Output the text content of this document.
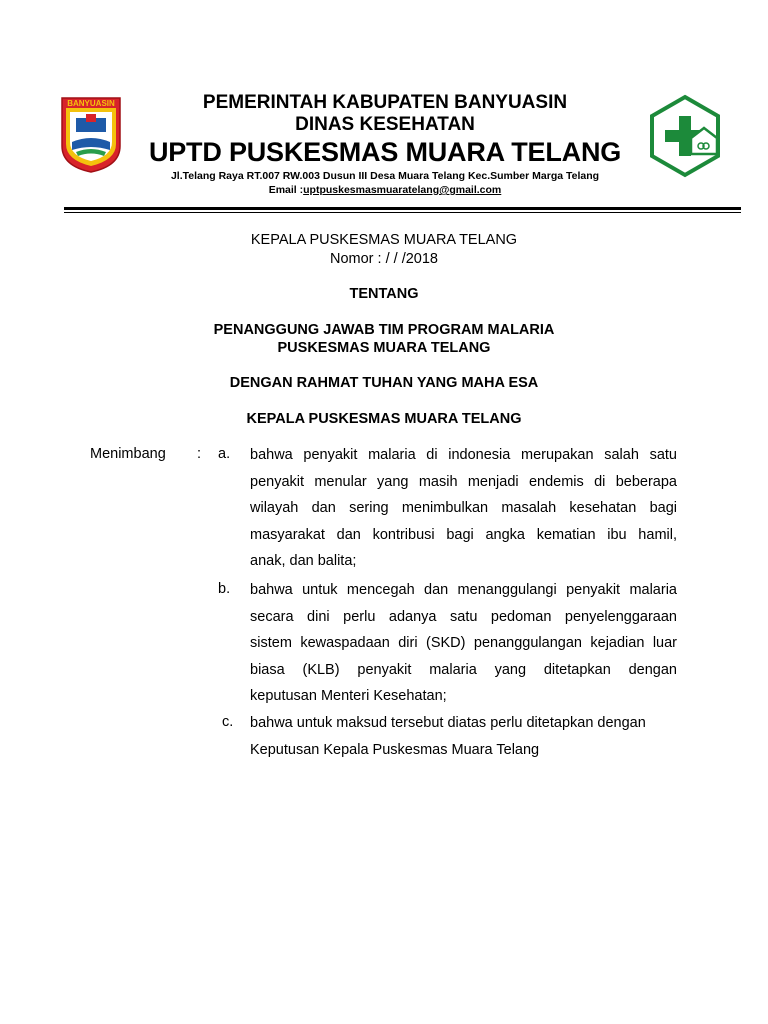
BANYUASIN	PEMERINTAH KABUPATEN BANYUASIN
DINAS KESEHATAN
UPTD PUSKESMAS MUARA TELANG
Jl.Telang Raya RT.007 RW.003 Dusun III Desa Muara Telang Kec.Sumber Marga Telang
Email :uptpuskesmasmuaratelang@gmail.com
KEPALA PUSKESMAS MUARA TELANG
Nomor : / / /2018
TENTANG
PENANGGUNG JAWAB TIM PROGRAM MALARIA
PUSKESMAS MUARA TELANG
DENGAN RAHMAT TUHAN YANG MAHA ESA
KEPALA PUSKESMAS MUARA TELANG
Menimbang : a. bahwa penyakit malaria di indonesia merupakan salah satu

penyakit menular yang masih menjadi endemis di beberapa

wilayah dan sering menimbulkan masalah kesehatan bagi

masyarakat dan kontribusi bagi angka kematian ibu hamil,

anak, dan balita;

b. bahwa untuk mencegah dan menanggulangi penyakit malaria

secara dini perlu adanya satu pedoman penyelenggaraan

sistem kewaspadaan diri (SKD) penanggulangan kejadian luar

biasa (KLB) penyakit malaria yang ditetapkan dengan

keputusan Menteri Kesehatan;

c. bahwa untuk maksud tersebut diatas perlu ditetapkan dengan

Keputusan Kepala Puskesmas Muara Telang
